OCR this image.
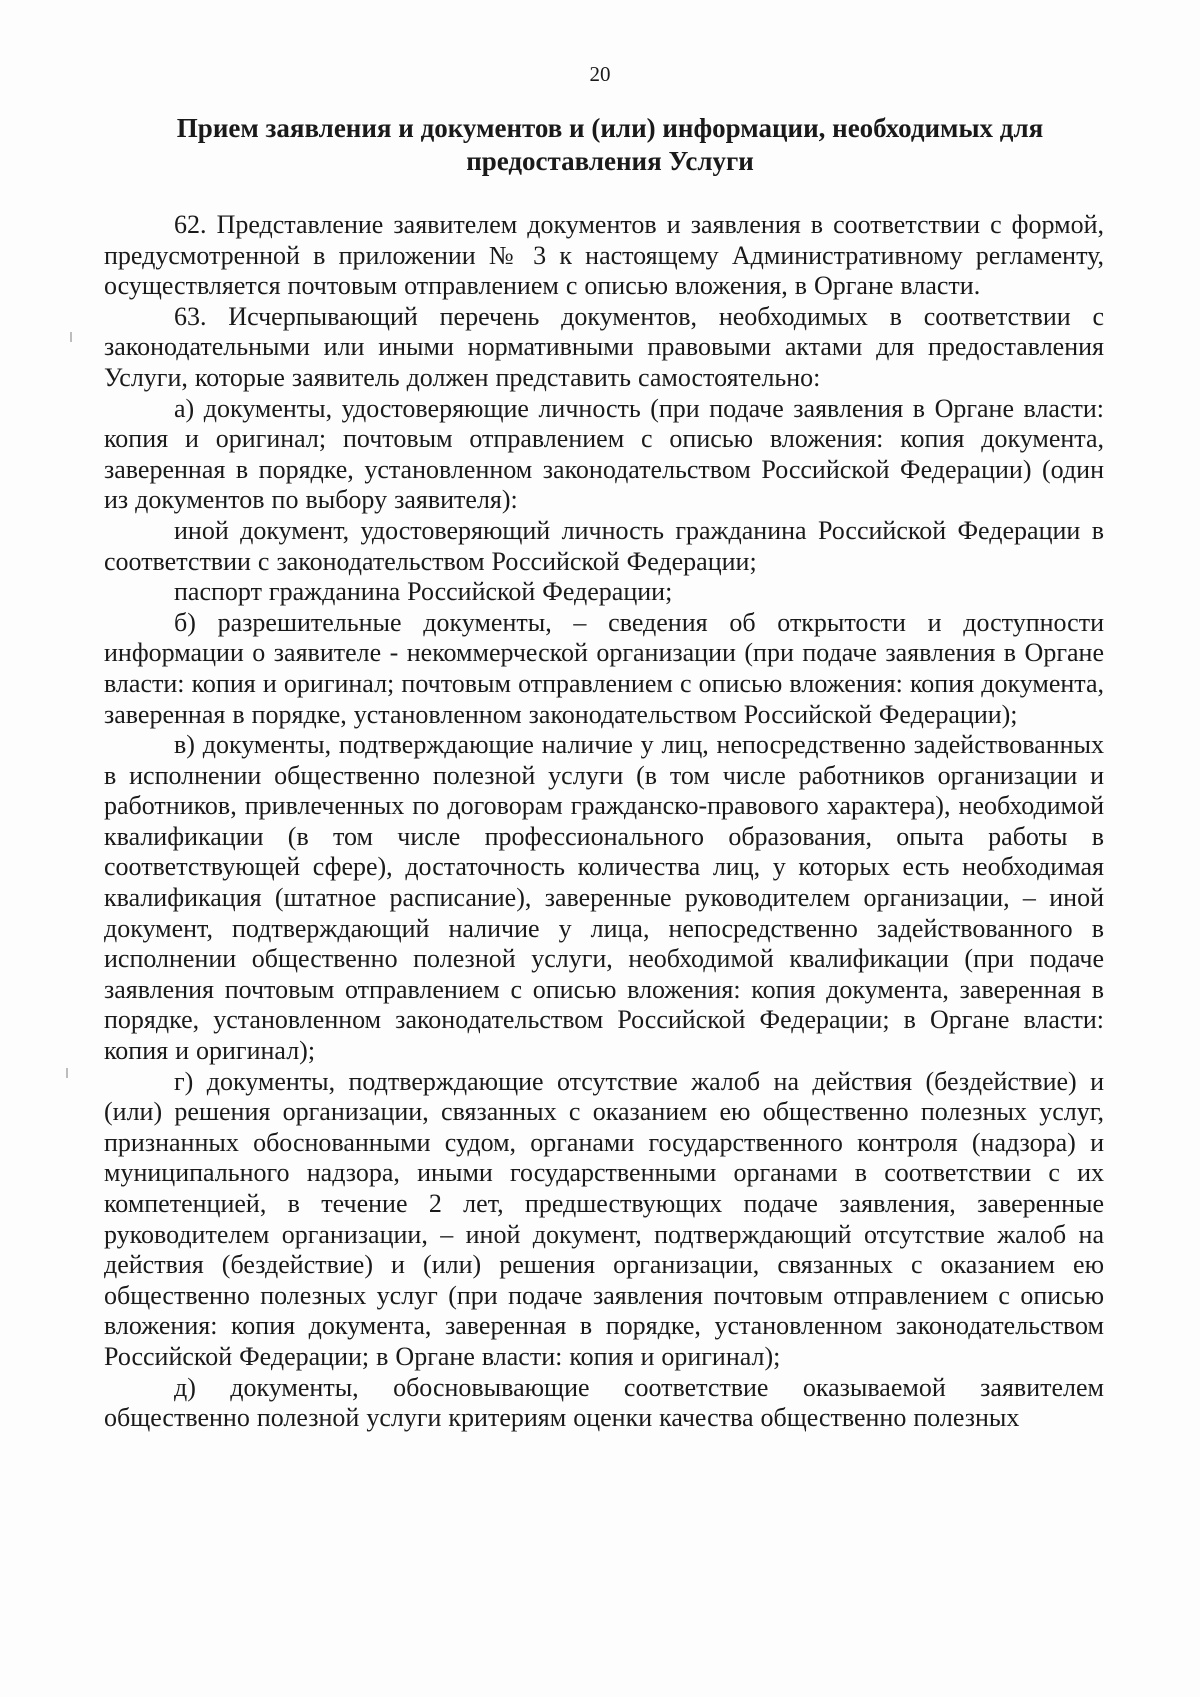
20
Прием заявления и документов и (или) информации, необходимых для
предоставления Услуги

62. Представление заявителем документов и заявления в соответствии с формой, предусмотренной в приложении № 3 к настоящему Административному регламенту, осуществляется почтовым отправлением с описью вложения, в Органе власти.

63. Исчерпывающий перечень документов, необходимых в соответствии с законодательными или иными нормативными правовыми актами для предоставления Услуги, которые заявитель должен представить самостоятельно:

а) документы, удостоверяющие личность (при подаче заявления в Органе власти: копия и оригинал; почтовым отправлением с описью вложения: копия документа, заверенная в порядке, установленном законодательством Российской Федерации) (один из документов по выбору заявителя):

иной документ, удостоверяющий личность гражданина Российской Федерации в соответствии с законодательством Российской Федерации;

паспорт гражданина Российской Федерации;

б) разрешительные документы, – сведения об открытости и доступности информации о заявителе - некоммерческой организации (при подаче заявления в Органе власти: копия и оригинал; почтовым отправлением с описью вложения: копия документа, заверенная в порядке, установленном законодательством Российской Федерации);

в) документы, подтверждающие наличие у лиц, непосредственно задействованных в исполнении общественно полезной услуги (в том числе работников организации и работников, привлеченных по договорам гражданско-правового характера), необходимой квалификации (в том числе профессионального образования, опыта работы в соответствующей сфере), достаточность количества лиц, у которых есть необходимая квалификация (штатное расписание), заверенные руководителем организации, – иной документ, подтверждающий наличие у лица, непосредственно задействованного в исполнении общественно полезной услуги, необходимой квалификации (при подаче заявления почтовым отправлением с описью вложения: копия документа, заверенная в порядке, установленном законодательством Российской Федерации; в Органе власти: копия и оригинал);

г) документы, подтверждающие отсутствие жалоб на действия (бездействие) и (или) решения организации, связанных с оказанием ею общественно полезных услуг, признанных обоснованными судом, органами государственного контроля (надзора) и муниципального надзора, иными государственными органами в соответствии с их компетенцией, в течение 2 лет, предшествующих подаче заявления, заверенные руководителем организации, – иной документ, подтверждающий отсутствие жалоб на действия (бездействие) и (или) решения организации, связанных с оказанием ею общественно полезных услуг (при подаче заявления почтовым отправлением с описью вложения: копия документа, заверенная в порядке, установленном законодательством Российской Федерации; в Органе власти: копия и оригинал);

д) документы, обосновывающие соответствие оказываемой заявителем общественно полезной услуги критериям оценки качества общественно полезных
